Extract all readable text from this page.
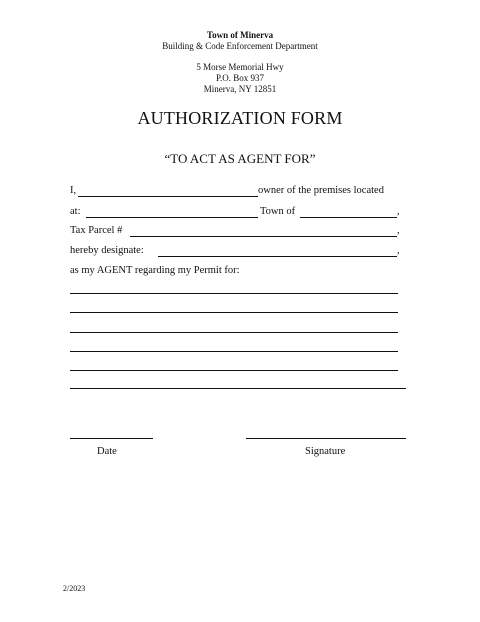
Town of Minerva
Building & Code Enforcement Department
5 Morse Memorial Hwy
P.O. Box 937
Minerva, NY 12851
AUTHORIZATION FORM
“TO ACT AS AGENT FOR”
I,	owner of the premises located
at:	Town of	,
Tax Parcel #	,
hereby designate:	,
as my AGENT regarding my Permit for:
Date	Signature
2/2023
